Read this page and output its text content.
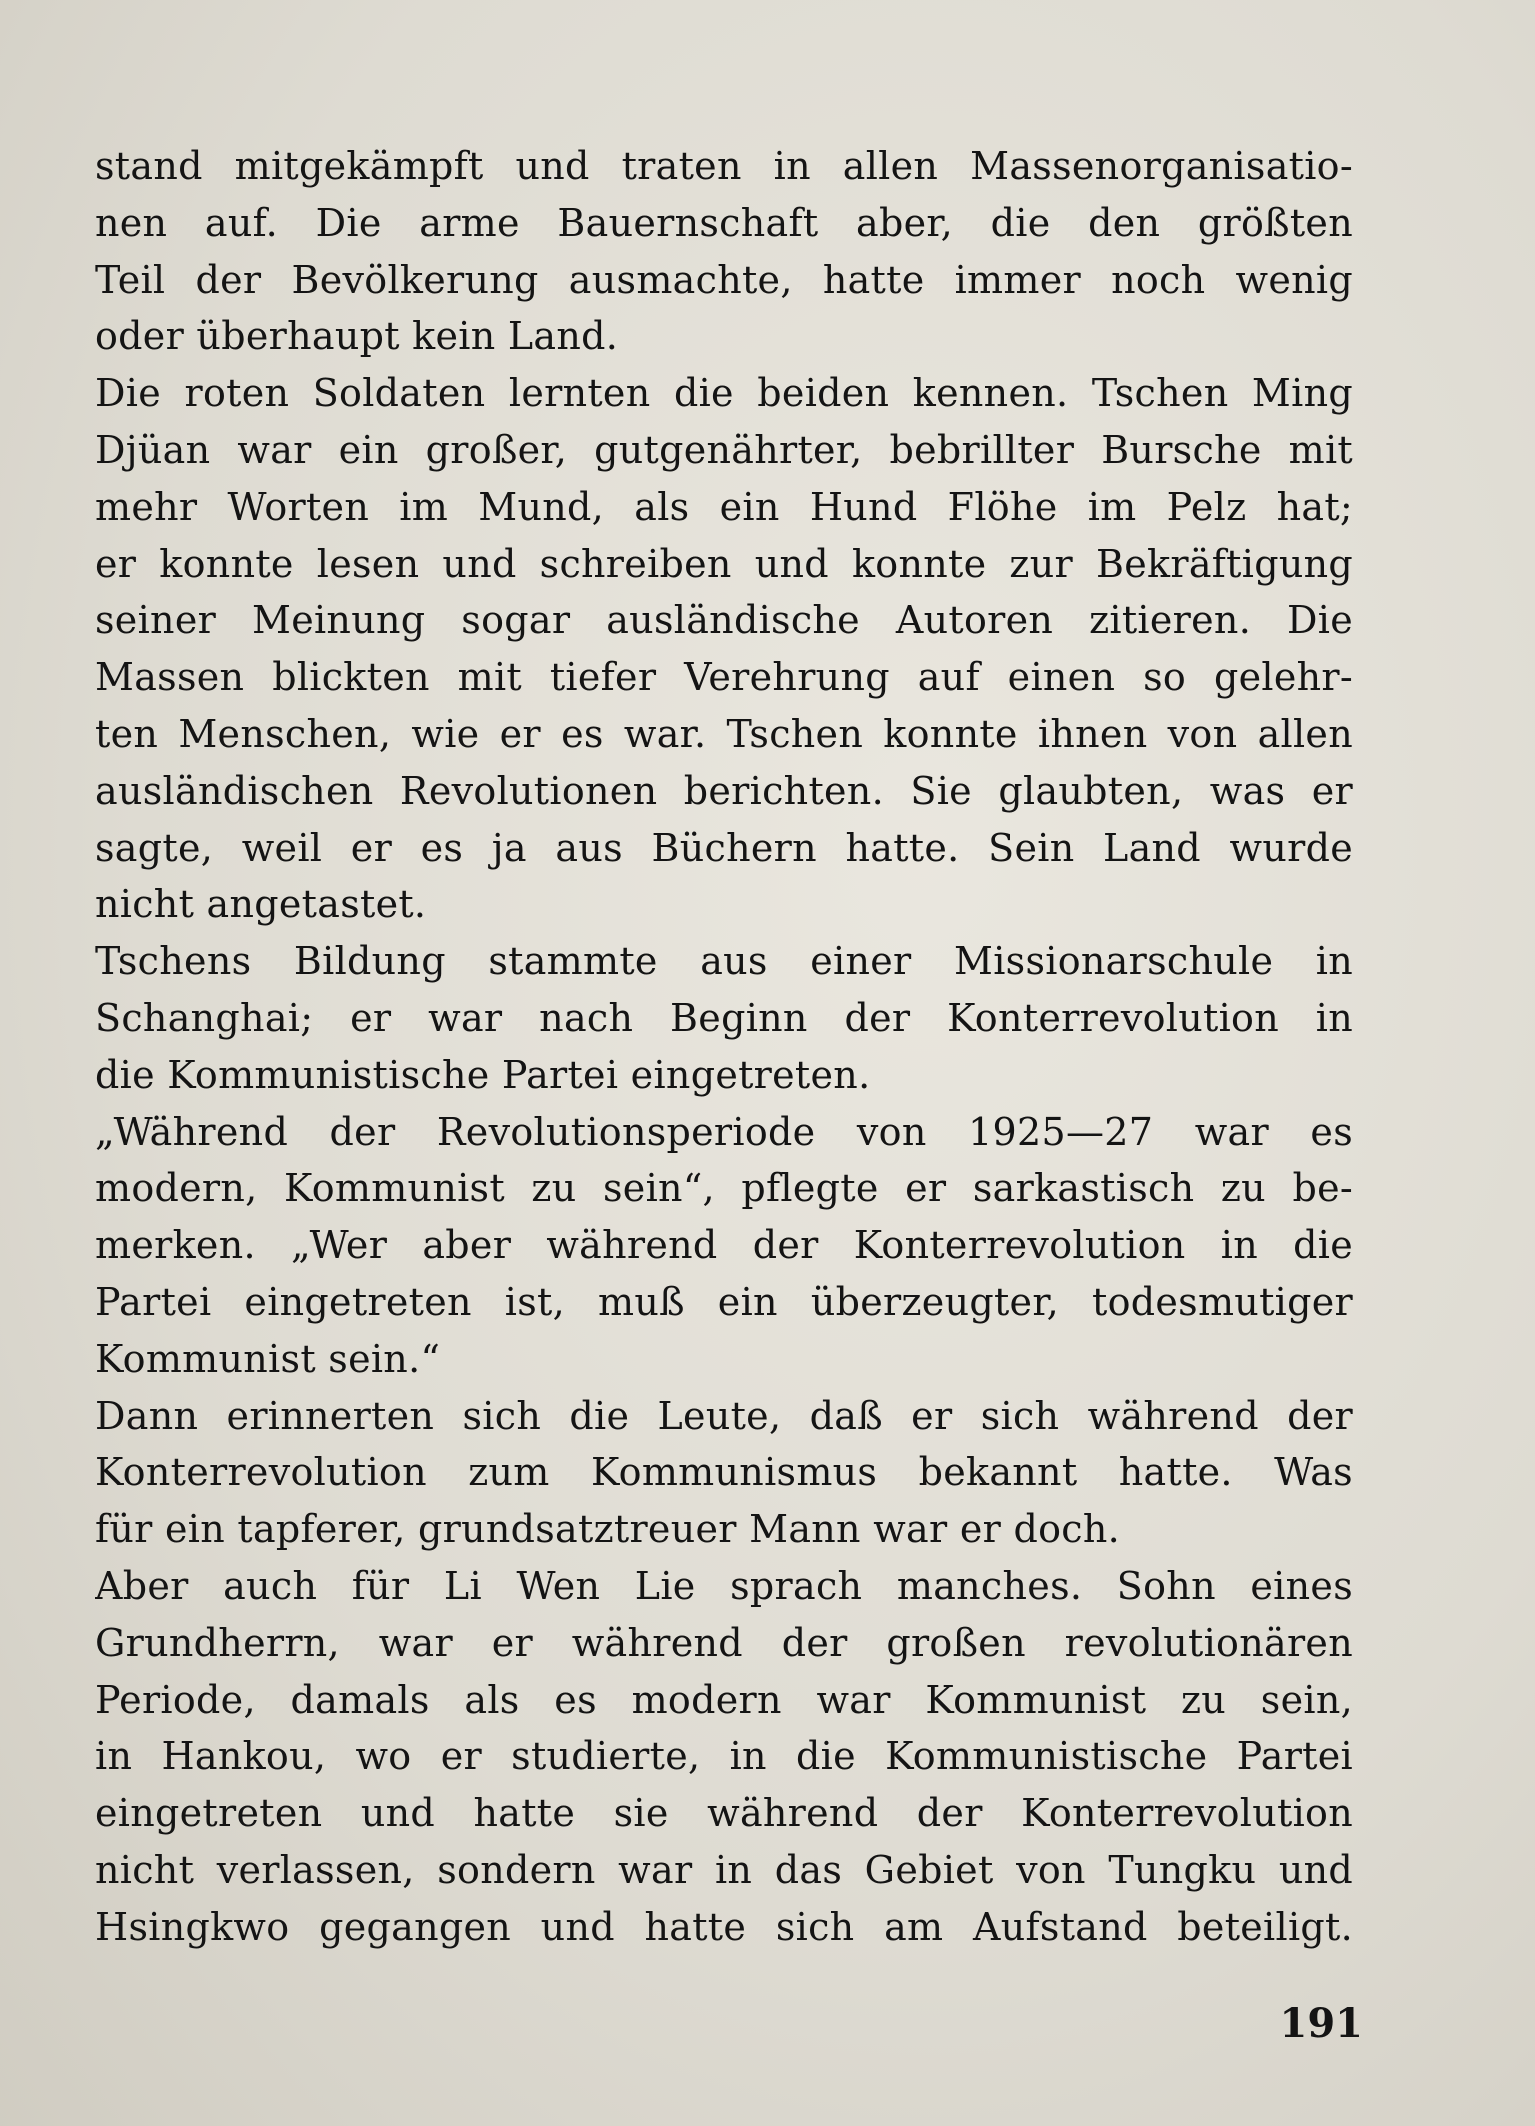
stand mitgekämpft und traten in allen Massenorganisatio-
nen auf. Die arme Bauernschaft aber, die den größten
Teil der Bevölkerung ausmachte, hatte immer noch wenig
oder überhaupt kein Land.
Die roten Soldaten lernten die beiden kennen. Tschen Ming
Djüan war ein großer, gutgenährter, bebrillter Bursche mit
mehr Worten im Mund, als ein Hund Flöhe im Pelz hat;
er konnte lesen und schreiben und konnte zur Bekräftigung
seiner Meinung sogar ausländische Autoren zitieren. Die
Massen blickten mit tiefer Verehrung auf einen so gelehr-
ten Menschen, wie er es war. Tschen konnte ihnen von allen
ausländischen Revolutionen berichten. Sie glaubten, was er
sagte, weil er es ja aus Büchern hatte. Sein Land wurde
nicht angetastet.
Tschens Bildung stammte aus einer Missionarschule in
Schanghai; er war nach Beginn der Konterrevolution in
die Kommunistische Partei eingetreten.
„Während der Revolutionsperiode von 1925—27 war es
modern, Kommunist zu sein“, pflegte er sarkastisch zu be-
merken. „Wer aber während der Konterrevolution in die
Partei eingetreten ist, muß ein überzeugter, todesmutiger
Kommunist sein.“
Dann erinnerten sich die Leute, daß er sich während der
Konterrevolution zum Kommunismus bekannt hatte. Was
für ein tapferer, grundsatztreuer Mann war er doch.
Aber auch für Li Wen Lie sprach manches. Sohn eines
Grundherrn, war er während der großen revolutionären
Periode, damals als es modern war Kommunist zu sein,
in Hankou, wo er studierte, in die Kommunistische Partei
eingetreten und hatte sie während der Konterrevolution
nicht verlassen, sondern war in das Gebiet von Tungku und
Hsingkwo gegangen und hatte sich am Aufstand beteiligt.
191
